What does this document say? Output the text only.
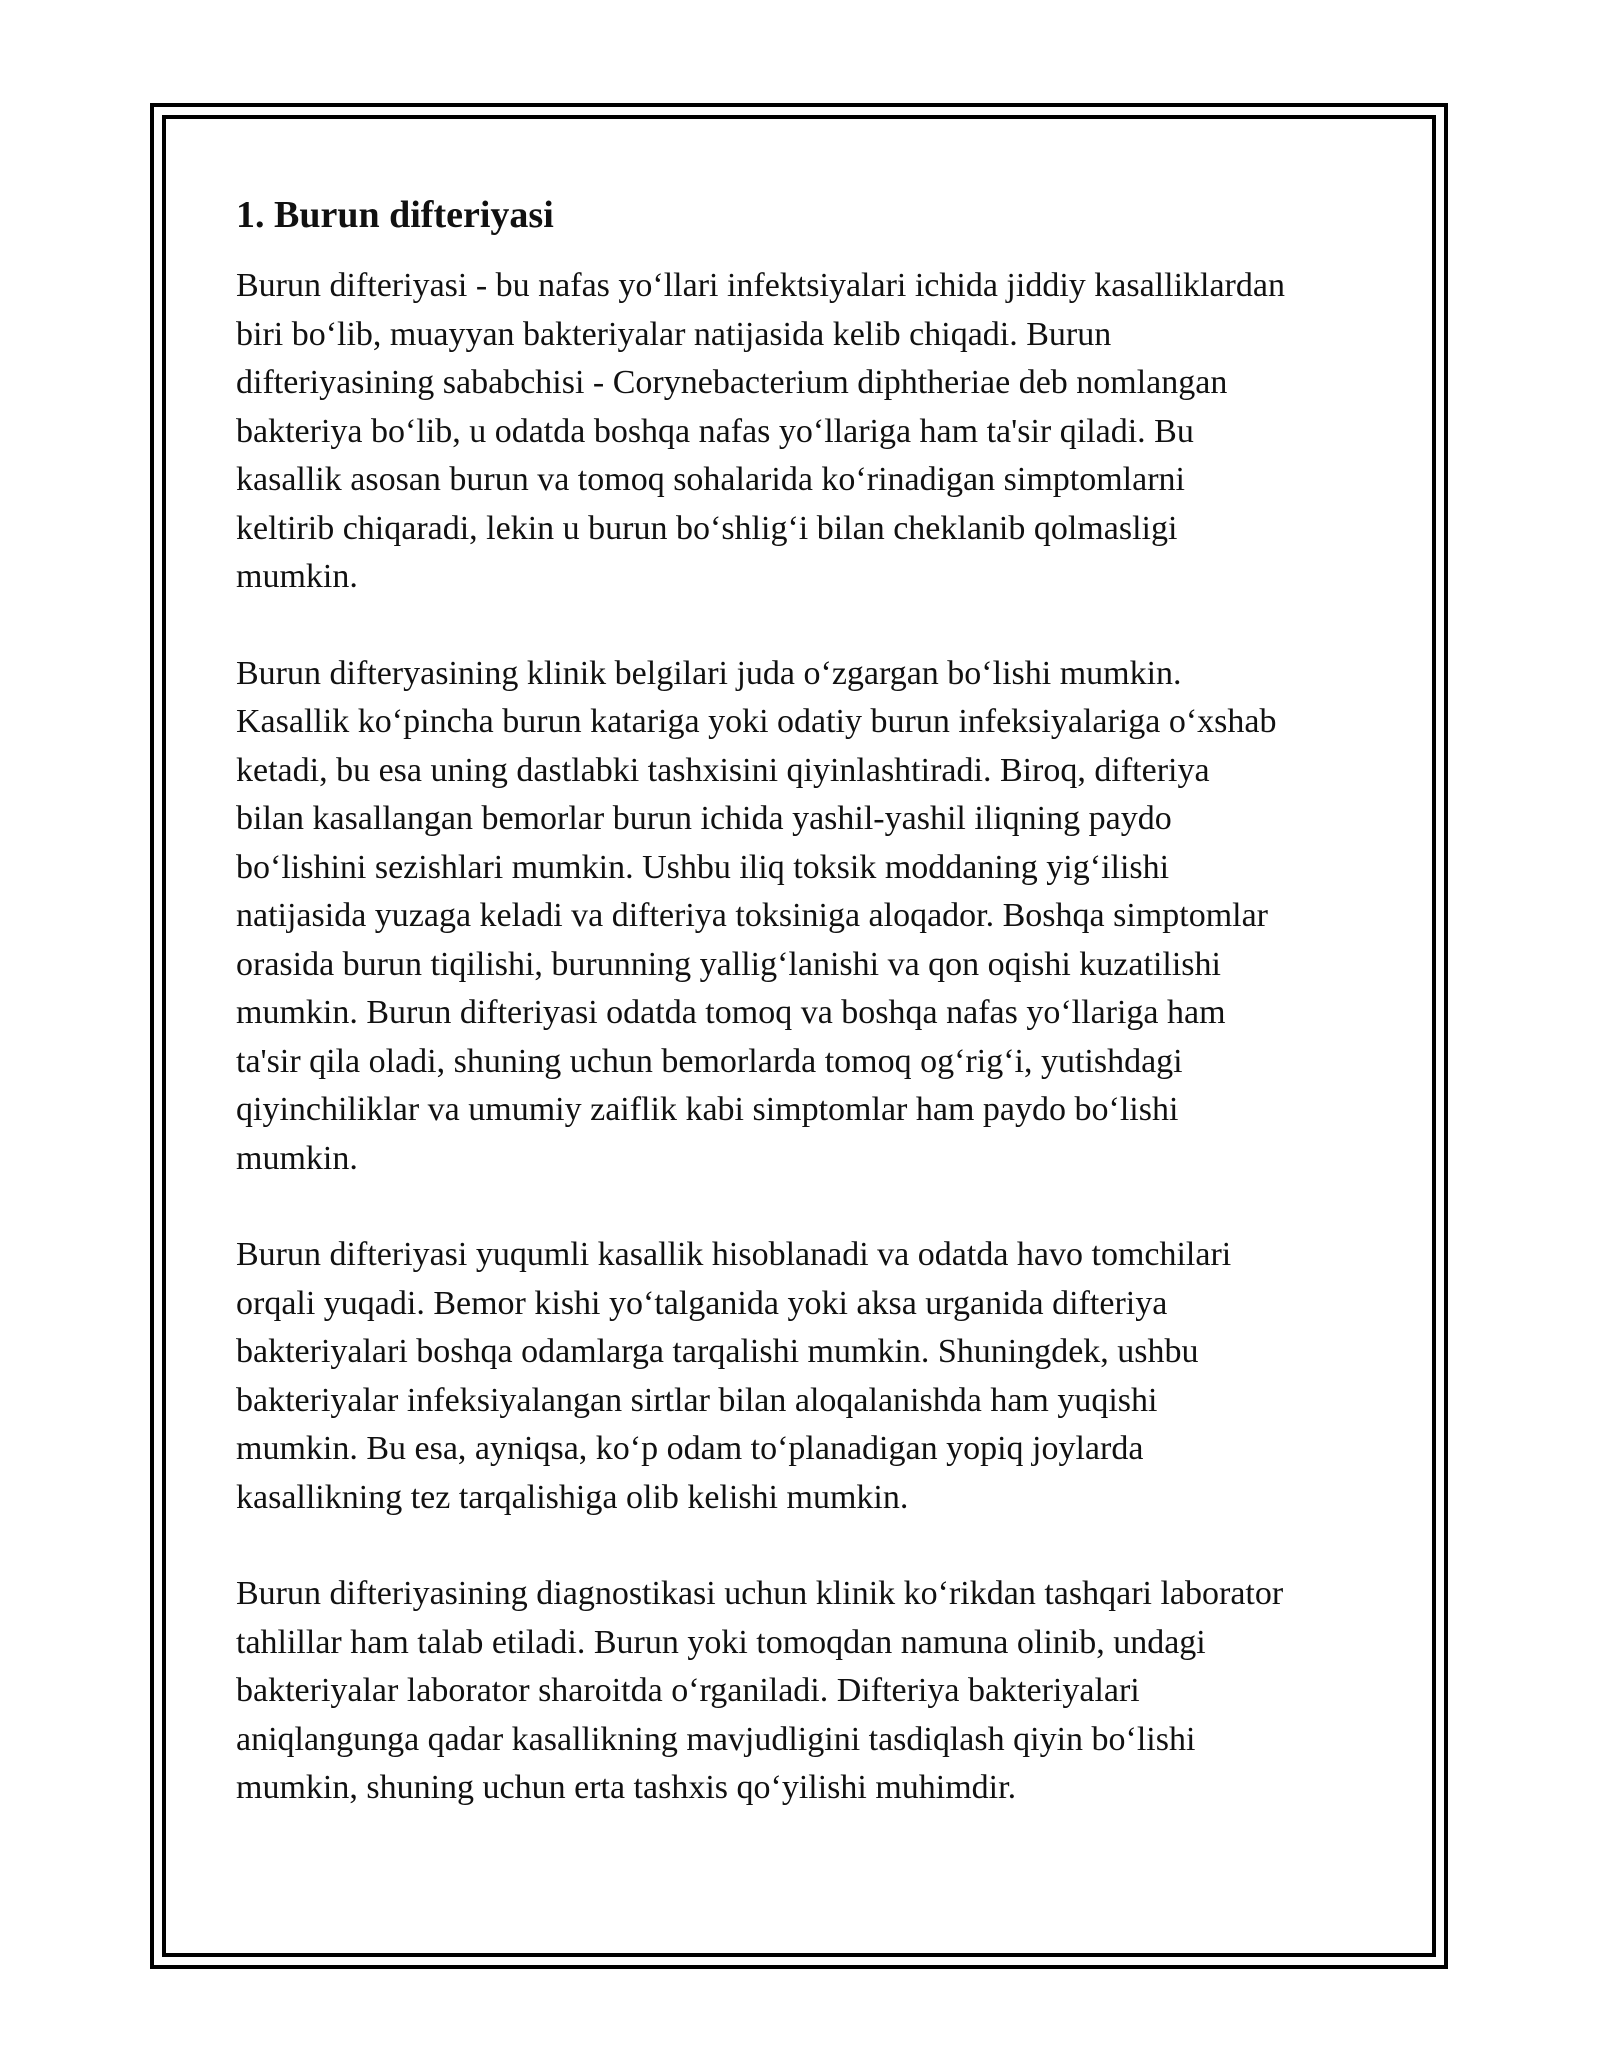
1. Burun difteriyasi

Burun difteriyasi - bu nafas yo‘llari infektsiyalari ichida jiddiy kasalliklardan
biri bo‘lib, muayyan bakteriyalar natijasida kelib chiqadi. Burun
difteriyasining sababchisi - Corynebacterium diphtheriae deb nomlangan
bakteriya bo‘lib, u odatda boshqa nafas yo‘llariga ham ta'sir qiladi. Bu
kasallik asosan burun va tomoq sohalarida ko‘rinadigan simptomlarni
keltirib chiqaradi, lekin u burun bo‘shlig‘i bilan cheklanib qolmasligi
mumkin.

Burun difteryasining klinik belgilari juda o‘zgargan bo‘lishi mumkin.
Kasallik ko‘pincha burun katariga yoki odatiy burun infeksiyalariga o‘xshab
ketadi, bu esa uning dastlabki tashxisini qiyinlashtiradi. Biroq, difteriya
bilan kasallangan bemorlar burun ichida yashil-yashil iliqning paydo
bo‘lishini sezishlari mumkin. Ushbu iliq toksik moddaning yig‘ilishi
natijasida yuzaga keladi va difteriya toksiniga aloqador. Boshqa simptomlar
orasida burun tiqilishi, burunning yallig‘lanishi va qon oqishi kuzatilishi
mumkin. Burun difteriyasi odatda tomoq va boshqa nafas yo‘llariga ham
ta'sir qila oladi, shuning uchun bemorlarda tomoq og‘rig‘i, yutishdagi
qiyinchiliklar va umumiy zaiflik kabi simptomlar ham paydo bo‘lishi
mumkin.

Burun difteriyasi yuqumli kasallik hisoblanadi va odatda havo tomchilari
orqali yuqadi. Bemor kishi yo‘talganida yoki aksa urganida difteriya
bakteriyalari boshqa odamlarga tarqalishi mumkin. Shuningdek, ushbu
bakteriyalar infeksiyalangan sirtlar bilan aloqalanishda ham yuqishi
mumkin. Bu esa, ayniqsa, ko‘p odam to‘planadigan yopiq joylarda
kasallikning tez tarqalishiga olib kelishi mumkin.

Burun difteriyasining diagnostikasi uchun klinik ko‘rikdan tashqari laborator
tahlillar ham talab etiladi. Burun yoki tomoqdan namuna olinib, undagi
bakteriyalar laborator sharoitda o‘rganiladi. Difteriya bakteriyalari
aniqlangunga qadar kasallikning mavjudligini tasdiqlash qiyin bo‘lishi
mumkin, shuning uchun erta tashxis qo‘yilishi muhimdir.
